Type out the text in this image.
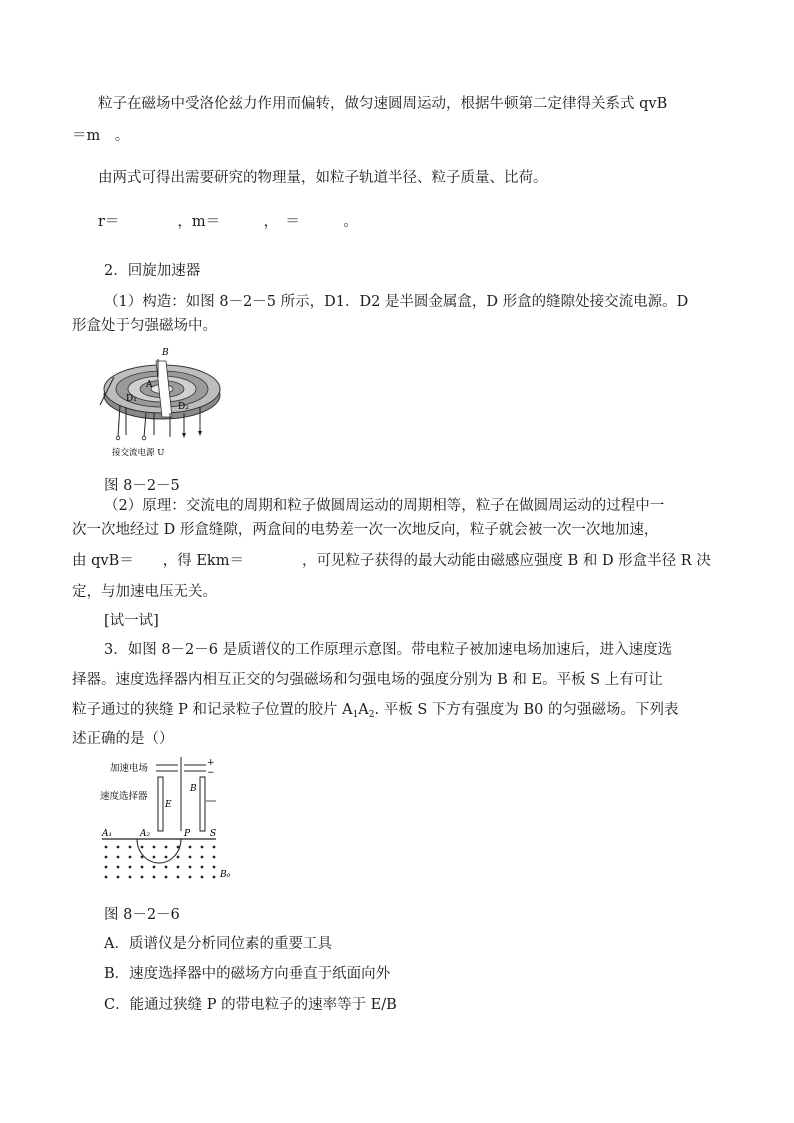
粒子在磁场中受洛伦兹力作用而偏转，做匀速圆周运动，根据牛顿第二定律得关系式 qvB
＝m　。
由两式可得出需要研究的物理量，如粒子轨道半径、粒子质量、比荷。
r＝　　　　，m＝　　　，　＝　　　。
2．回旋加速器
（1）构造：如图 8－2－5 所示，D1．D2 是半圆金属盒，D 形盒的缝隙处接交流电源。D
形盒处于匀强磁场中。
B
A
D₁
D₂
接交流电源 U
图 8－2－5
（2）原理：交流电的周期和粒子做圆周运动的周期相等，粒子在做圆周运动的过程中一
次一次地经过 D 形盒缝隙，两盒间的电势差一次一次地反向，粒子就会被一次一次地加速，
由 qvB＝　　，得 Ekm＝　　　　，可见粒子获得的最大动能由磁感应强度 B 和 D 形盒半径 R 决
定，与加速电压无关。
[试一试]
3．如图 8－2－6 是质谱仪的工作原理示意图。带电粒子被加速电场加速后，进入速度选
择器。速度选择器内相互正交的匀强磁场和匀强电场的强度分别为 B 和 E。平板 S 上有可让
粒子通过的狭缝 P 和记录粒子位置的胶片 $A_1A_2$. 平板 S 下方有强度为 B0 的匀强磁场。下列表
述正确的是（）
加速电场
速度选择器
E
B
+
−
A₁	A₂	P S
B₀
图 8－2－6
A．质谱仪是分析同位素的重要工具
B．速度选择器中的磁场方向垂直于纸面向外
C．能通过狭缝 P 的带电粒子的速率等于 E/B
